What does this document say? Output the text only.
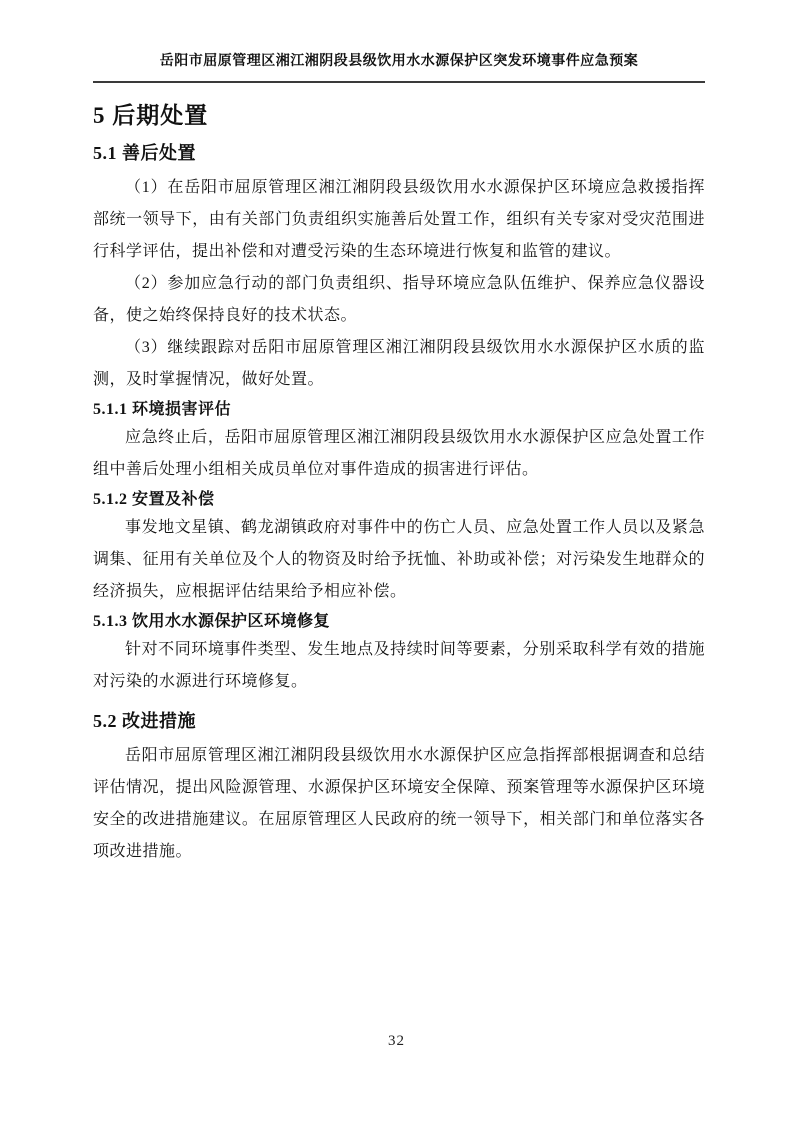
岳阳市屈原管理区湘江湘阴段县级饮用水水源保护区突发环境事件应急预案
5 后期处置
5.1 善后处置

（1）在岳阳市屈原管理区湘江湘阴段县级饮用水水源保护区环境应急救援指挥部统一领导下，由有关部门负责组织实施善后处置工作，组织有关专家对受灾范围进行科学评估，提出补偿和对遭受污染的生态环境进行恢复和监管的建议。

（2）参加应急行动的部门负责组织、指导环境应急队伍维护、保养应急仪器设备，使之始终保持良好的技术状态。

（3）继续跟踪对岳阳市屈原管理区湘江湘阴段县级饮用水水源保护区水质的监测，及时掌握情况，做好处置。

5.1.1 环境损害评估

应急终止后，岳阳市屈原管理区湘江湘阴段县级饮用水水源保护区应急处置工作组中善后处理小组相关成员单位对事件造成的损害进行评估。

5.1.2 安置及补偿

事发地文星镇、鹤龙湖镇政府对事件中的伤亡人员、应急处置工作人员以及紧急调集、征用有关单位及个人的物资及时给予抚恤、补助或补偿；对污染发生地群众的经济损失，应根据评估结果给予相应补偿。

5.1.3 饮用水水源保护区环境修复

针对不同环境事件类型、发生地点及持续时间等要素，分别采取科学有效的措施对污染的水源进行环境修复。

5.2 改进措施

岳阳市屈原管理区湘江湘阴段县级饮用水水源保护区应急指挥部根据调查和总结评估情况，提出风险源管理、水源保护区环境安全保障、预案管理等水源保护区环境安全的改进措施建议。在屈原管理区人民政府的统一领导下，相关部门和单位落实各项改进措施。

32
